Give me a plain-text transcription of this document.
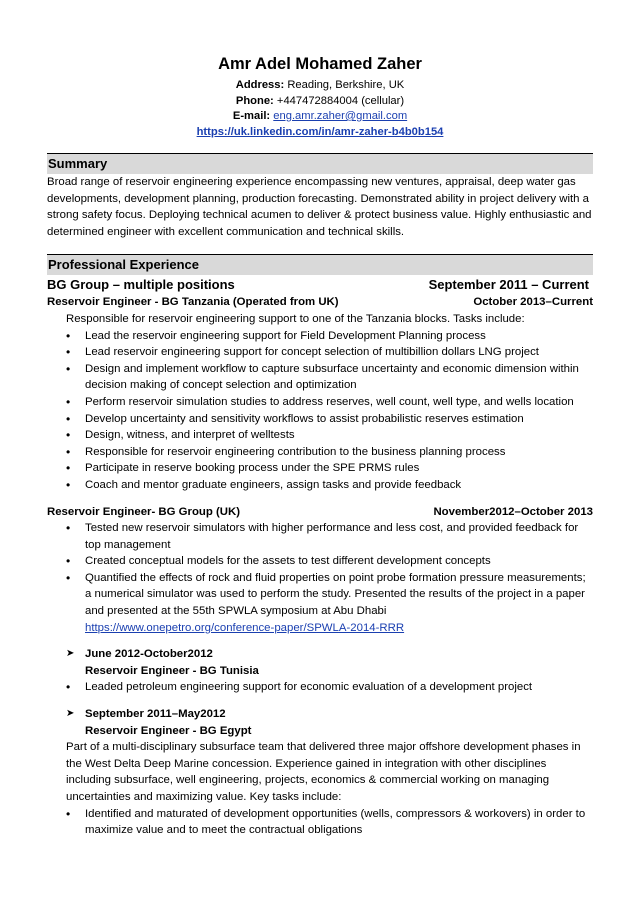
Amr Adel Mohamed Zaher
Address: Reading, Berkshire, UK
Phone: +447472884004 (cellular)
E-mail: eng.amr.zaher@gmail.com
https://uk.linkedin.com/in/amr-zaher-b4b0b154
Summary
Broad range of reservoir engineering experience encompassing new ventures, appraisal, deep water gas developments, development planning, production forecasting. Demonstrated ability in project delivery with a strong safety focus. Deploying technical acumen to deliver & protect business value. Highly enthusiastic and determined engineer with excellent communication and technical skills.
Professional Experience
BG Group – multiple positions	September 2011 – Current
Reservoir Engineer - BG Tanzania (Operated from UK)	October 2013–Current
Responsible for reservoir engineering support to one of the Tanzania blocks. Tasks include:
• Lead the reservoir engineering support for Field Development Planning process
• Lead reservoir engineering support for concept selection of multibillion dollars LNG project
• Design and implement workflow to capture subsurface uncertainty and economic dimension within decision making of concept selection and optimization
• Perform reservoir simulation studies to address reserves, well count, well type, and wells location
• Develop uncertainty and sensitivity workflows to assist probabilistic reserves estimation
• Design, witness, and interpret of welltests
• Responsible for reservoir engineering contribution to the business planning process
• Participate in reserve booking process under the SPE PRMS rules
• Coach and mentor graduate engineers, assign tasks and provide feedback
Reservoir Engineer- BG Group (UK)	November2012–October 2013
• Tested new reservoir simulators with higher performance and less cost, and provided feedback for top management
• Created conceptual models for the assets to test different development concepts
• Quantified the effects of rock and fluid properties on point probe formation pressure measurements; a numerical simulator was used to perform the study. Presented the results of the project in a paper and presented at the 55th SPWLA symposium at Abu Dhabi
https://www.onepetro.org/conference-paper/SPWLA-2014-RRR
➤ June 2012-October2012
Reservoir Engineer - BG Tunisia
• Leaded petroleum engineering support for economic evaluation of a development project
➤ September 2011–May2012
Reservoir Engineer - BG Egypt
Part of a multi-disciplinary subsurface team that delivered three major offshore development phases in the West Delta Deep Marine concession. Experience gained in integration with other disciplines including subsurface, well engineering, projects, economics & commercial working on managing uncertainties and maximizing value. Key tasks include:
• Identified and maturated of development opportunities (wells, compressors & workovers) in order to maximize value and to meet the contractual obligations
